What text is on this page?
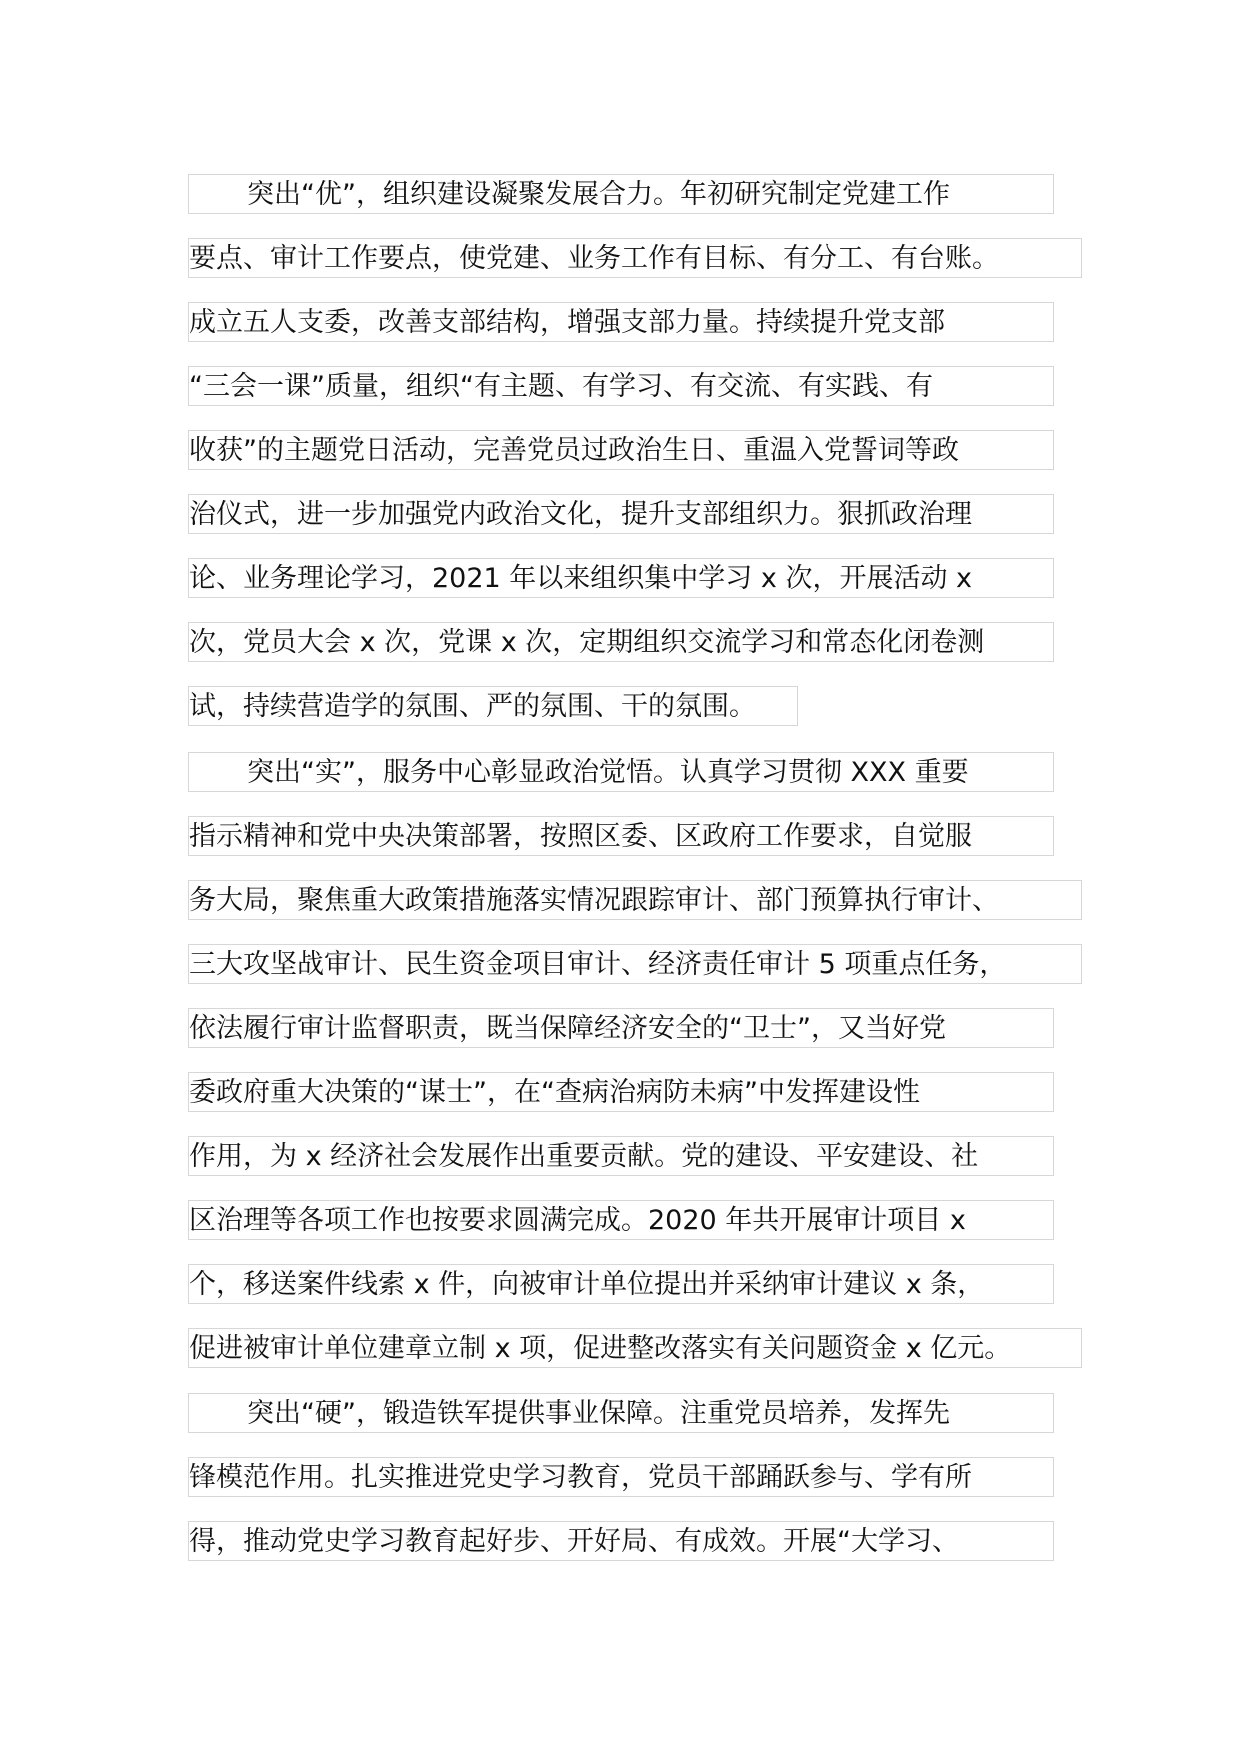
突出“优”，组织建设凝聚发展合力。年初研究制定党建工作
要点、审计工作要点，使党建、业务工作有目标、有分工、有台账。
成立五人支委，改善支部结构，增强支部力量。持续提升党支部
“三会一课”质量，组织“有主题、有学习、有交流、有实践、有
收获”的主题党日活动，完善党员过政治生日、重温入党誓词等政
治仪式，进一步加强党内政治文化，提升支部组织力。狠抓政治理
论、业务理论学习，2021 年以来组织集中学习 x 次，开展活动 x
次，党员大会 x 次，党课 x 次，定期组织交流学习和常态化闭卷测
试，持续营造学的氛围、严的氛围、干的氛围。
突出“实”，服务中心彰显政治觉悟。认真学习贯彻 XXX 重要
指示精神和党中央决策部署，按照区委、区政府工作要求，自觉服
务大局，聚焦重大政策措施落实情况跟踪审计、部门预算执行审计、
三大攻坚战审计、民生资金项目审计、经济责任审计 5 项重点任务，
依法履行审计监督职责，既当保障经济安全的“卫士”，又当好党
委政府重大决策的“谋士”，在“查病治病防未病”中发挥建设性
作用，为 x 经济社会发展作出重要贡献。党的建设、平安建设、社
区治理等各项工作也按要求圆满完成。2020 年共开展审计项目 x
个，移送案件线索 x 件，向被审计单位提出并采纳审计建议 x 条，
促进被审计单位建章立制 x 项，促进整改落实有关问题资金 x 亿元。
突出“硬”，锻造铁军提供事业保障。注重党员培养，发挥先
锋模范作用。扎实推进党史学习教育，党员干部踊跃参与、学有所
得，推动党史学习教育起好步、开好局、有成效。开展“大学习、
